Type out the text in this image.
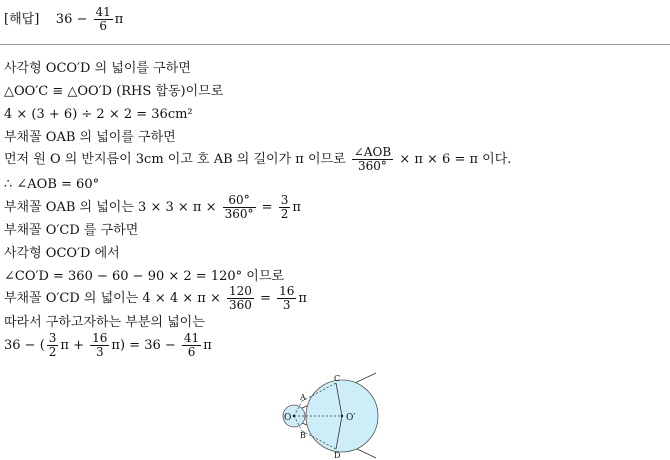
[해답] $36 - \frac{41}{6}$ π
사각형 OCO′D 의 넓이를 구하면
△OO′C ≡ △OO′D (RHS 합동)이므로
4 × (3 + 6) ÷ 2 × 2 = 36cm²
부채꼴 OAB 의 넓이를 구하면
먼저 원 O 의 반지름이 3cm 이고 호 AB 의 길이가 π 이므로 $\frac{\text{∠AOB}}{360^\circ} \times \pi \times 6 = \pi$ 이다.
∴ ∠AOB = 60°
부채꼴 OAB 의 넓이는 $3 \times 3 \times \pi \times \frac{60^\circ}{360^\circ} = \frac{3}{2}$ π
부채꼴 O′CD 를 구하면
사각형 OCO′D 에서
∠CO′D = 360 − 60 − 90 × 2 = 120° 이므로
부채꼴 O′CD 의 넓이는 $4 \times 4 \times \pi \times \frac{120}{360} = \frac{16}{3}$ π
따라서 구하고자하는 부분의 넓이는
36 − ( $\frac{3}{2}$ $\pi + \frac{16}{3} \pi) = 36 - \frac{41}{6}$ π
O	O′
A
B
C
D
